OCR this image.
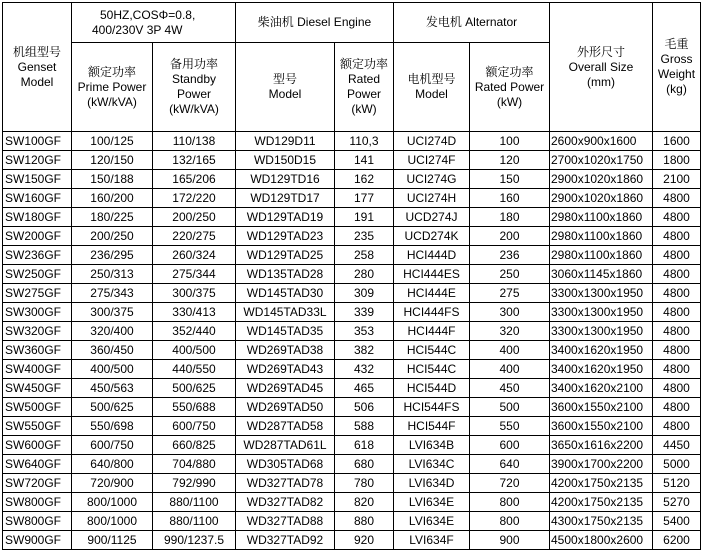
机组型号
Genset
Model	50HZ,COSΦ=0.8,
400/230V 3P 4W		柴油机 Diesel Engine		发电机 Alternator		外形尺寸
Overall Size
(mm)	毛重
Gross
Weight
(kg)

	额定功率
Prime Power
(kW/kVA)	备用功率
Standby
Power
(kW/kVA)	型号
Model	额定功率
Rated
Power
(kW)	电机型号
Model	额定功率
Rated Power
(kW)		

SW100GF	100/125	110/138	WD129D11	110,3	UCI274D	100	2600x900x1600	1600
SW120GF	120/150	132/165	WD150D15	141	UCI274F	120	2700x1020x1750	1800
SW150GF	150/188	165/206	WD129TD16	162	UCI274G	150	2900x1020x1860	2100
SW160GF	160/200	172/220	WD129TD17	177	UCI274H	160	2900x1020x1860	4800
SW180GF	180/225	200/250	WD129TAD19	191	UCD274J	180	2980x1100x1860	4800
SW200GF	200/250	220/275	WD129TAD23	235	UCD274K	200	2980x1100x1860	4800
SW236GF	236/295	260/324	WD129TAD25	258	HCI444D	236	2980x1100x1860	4800
SW250GF	250/313	275/344	WD135TAD28	280	HCI444ES	250	3060x1145x1860	4800
SW275GF	275/343	300/375	WD145TAD30	309	HCI444E	275	3300x1300x1950	4800
SW300GF	300/375	330/413	WD145TAD33L	339	HCI444FS	300	3300x1300x1950	4800
SW320GF	320/400	352/440	WD145TAD35	353	HCI444F	320	3300x1300x1950	4800
SW360GF	360/450	400/500	WD269TAD38	382	HCI544C	400	3400x1620x1950	4800
SW400GF	400/500	440/550	WD269TAD43	432	HCI544C	400	3400x1620x1950	4800
SW450GF	450/563	500/625	WD269TAD45	465	HCI544D	450	3400x1620x2100	4800
SW500GF	500/625	550/688	WD269TAD50	506	HCI544FS	500	3600x1550x2100	4800
SW550GF	550/698	600/750	WD287TAD58	588	HCI544F	550	3600x1550x2100	4800
SW600GF	600/750	660/825	WD287TAD61L	618	LVI634B	600	3650x1616x2200	4450
SW640GF	640/800	704/880	WD305TAD68	680	LVI634C	640	3900x1700x2200	5000
SW720GF	720/900	792/990	WD327TAD78	780	LVI634D	720	4200x1750x2135	5120
SW800GF	800/1000	880/1100	WD327TAD82	820	LVI634E	800	4200x1750x2135	5270
SW800GF	800/1000	880/1100	WD327TAD88	880	LVI634E	800	4300x1750x2135	5400
SW900GF	900/1125	990/1237.5	WD327TAD92	920	LVI634F	900	4500x1800x2600	6200
